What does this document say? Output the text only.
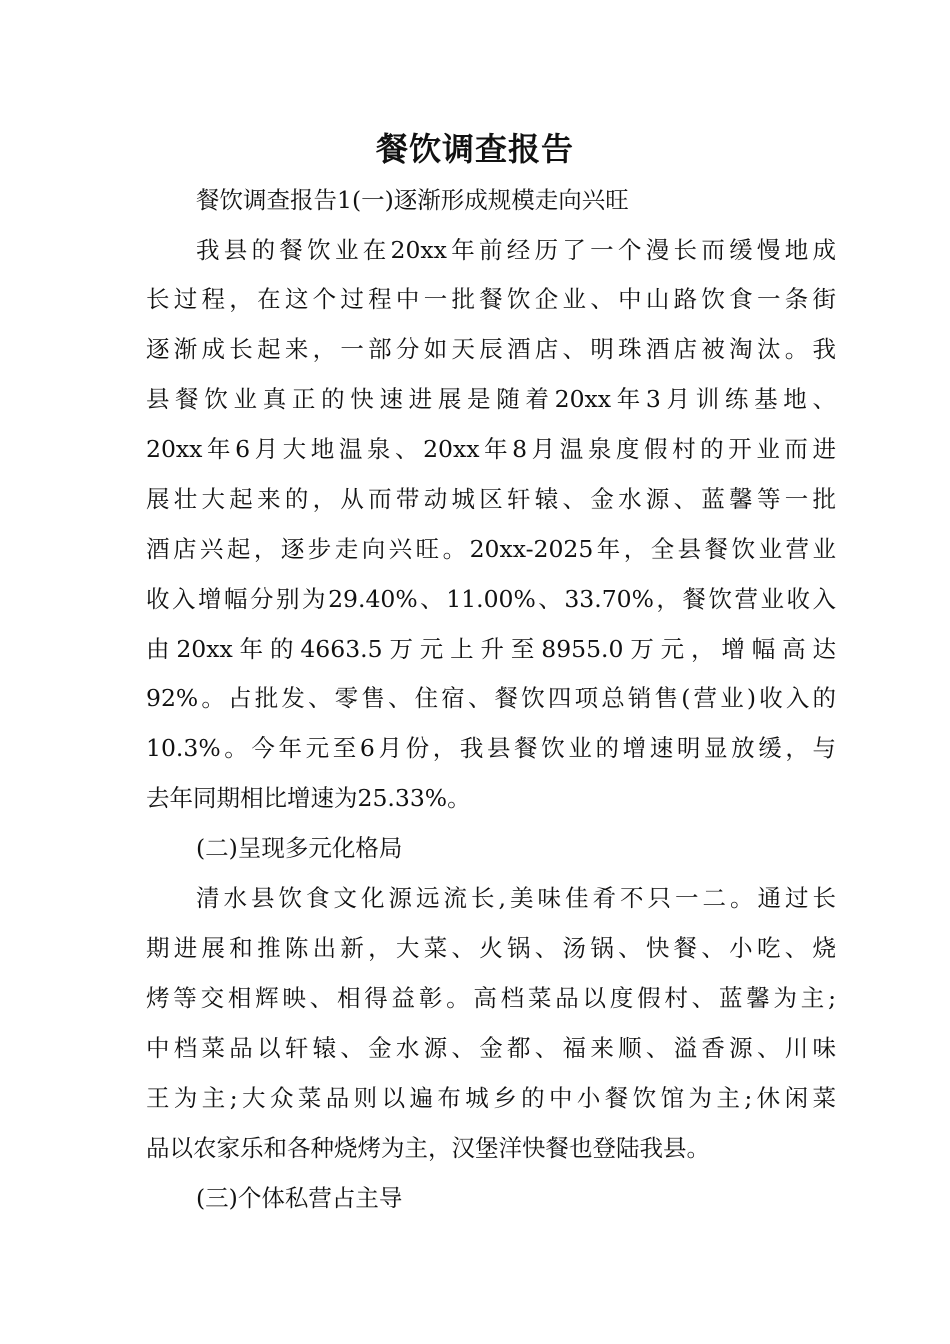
餐饮调查报告

餐饮调查报告1(一)逐渐形成规模走向兴旺

我县的餐饮业在20xx年前经历了一个漫长而缓慢地成

长过程，在这个过程中一批餐饮企业、中山路饮食一条街

逐渐成长起来，一部分如天辰酒店、明珠酒店被淘汰。我

县餐饮业真正的快速进展是随着20xx年3月训练基地、

20xx年6月大地温泉、20xx年8月温泉度假村的开业而进

展壮大起来的，从而带动城区轩辕、金水源、蓝馨等一批

酒店兴起，逐步走向兴旺。20xx-2025年，全县餐饮业营业

收入增幅分别为29.40%、11.00%、33.70%，餐饮营业收入

由20xx年的4663.5万元上升至8955.0万元，增幅高达

92%。占批发、零售、住宿、餐饮四项总销售(营业)收入的

10.3%。今年元至6月份，我县餐饮业的增速明显放缓，与

去年同期相比增速为25.33%。

(二)呈现多元化格局

清水县饮食文化源远流长,美味佳肴不只一二。通过长

期进展和推陈出新，大菜、火锅、汤锅、快餐、小吃、烧

烤等交相辉映、相得益彰。高档菜品以度假村、蓝馨为主;

中档菜品以轩辕、金水源、金都、福来顺、溢香源、川味

王为主;大众菜品则以遍布城乡的中小餐饮馆为主;休闲菜

品以农家乐和各种烧烤为主，汉堡洋快餐也登陆我县。

(三)个体私营占主导
